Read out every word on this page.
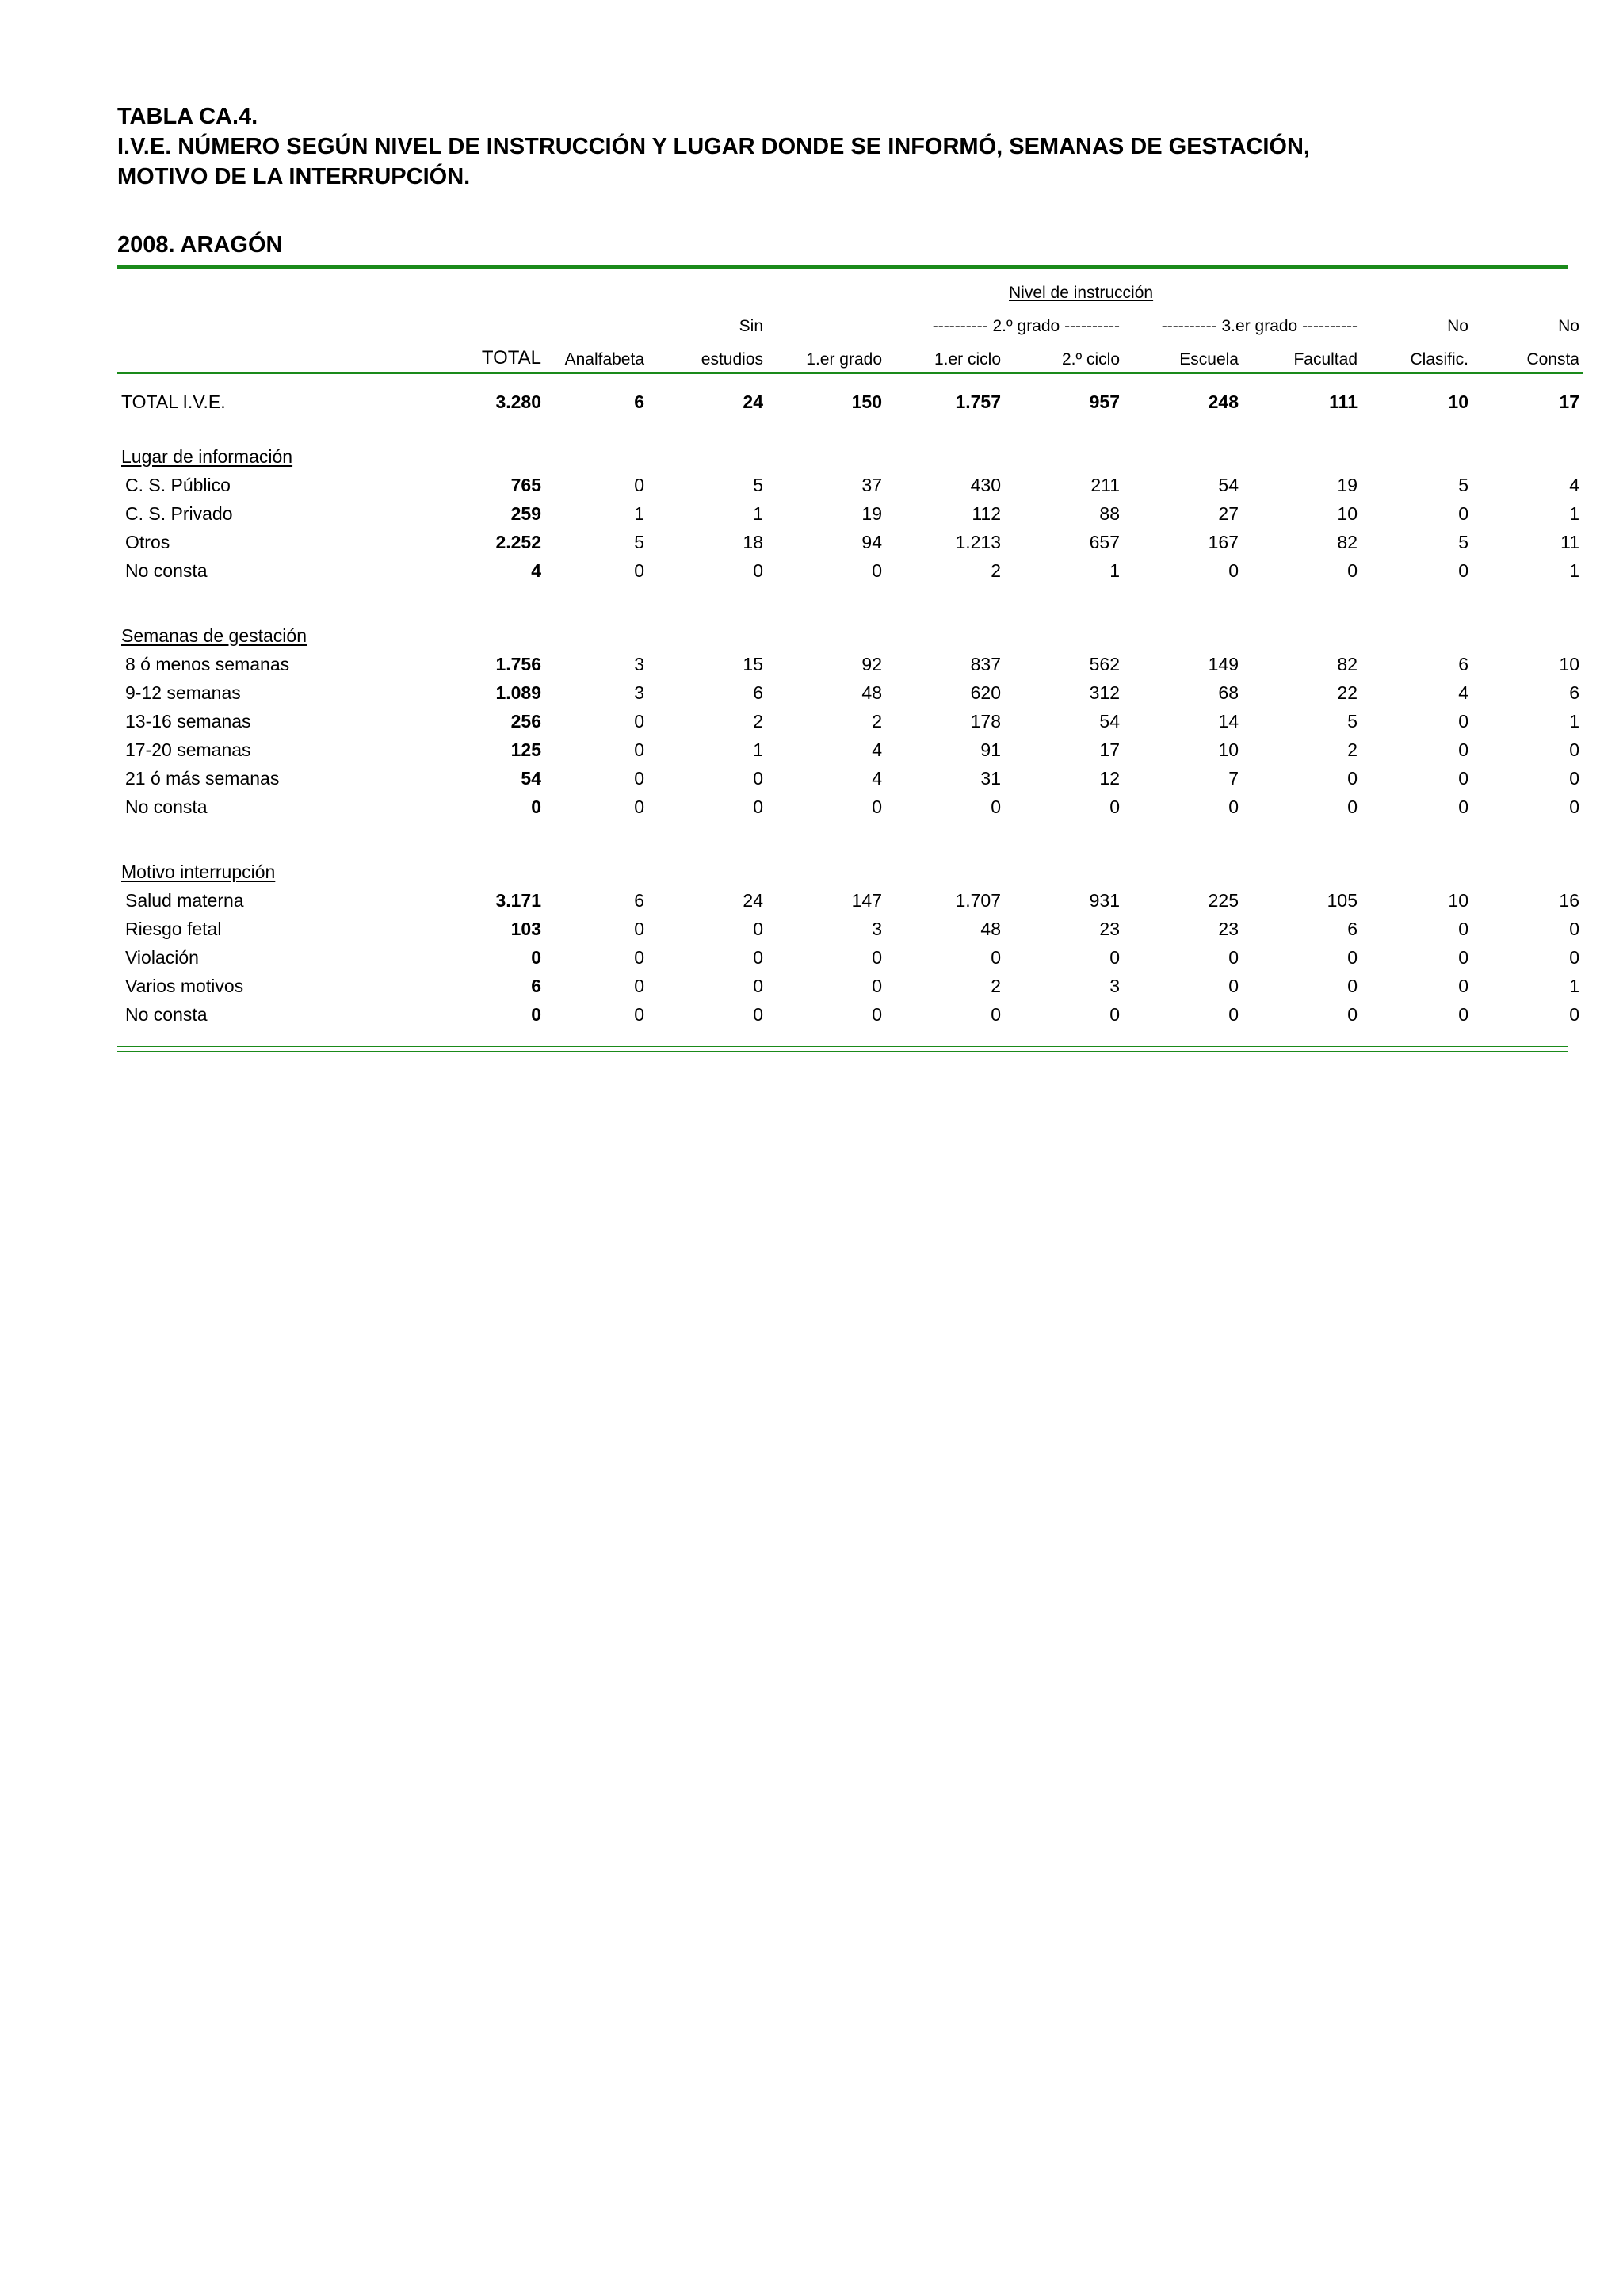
TABLA CA.4.
I.V.E. NÚMERO SEGÚN NIVEL DE INSTRUCCIÓN Y LUGAR DONDE SE INFORMÓ, SEMANAS DE GESTACIÓN,
MOTIVO DE LA INTERRUPCIÓN.
2008. ARAGÓN
						Nivel de instrucción				
			Sin		---------- 2.º grado ----------		---------- 3.er grado ----------		No	No
	TOTAL	Analfabeta	estudios	1.er grado	1.er ciclo	2.º ciclo	Escuela	Facultad	Clasific.	Consta
TOTAL I.V.E.	3.280	6	24	150	1.757	957	248	111	10	17
Lugar de información										
C. S. Público	765	0	5	37	430	211	54	19	5	4
C. S. Privado	259	1	1	19	112	88	27	10	0	1
Otros	2.252	5	18	94	1.213	657	167	82	5	11
No consta	4	0	0	0	2	1	0	0	0	1

Semanas de gestación										
8 ó menos semanas	1.756	3	15	92	837	562	149	82	6	10
9-12 semanas	1.089	3	6	48	620	312	68	22	4	6
13-16 semanas	256	0	2	2	178	54	14	5	0	1
17-20 semanas	125	0	1	4	91	17	10	2	0	0
21 ó más semanas	54	0	0	4	31	12	7	0	0	0
No consta	0	0	0	0	0	0	0	0	0	0

Motivo interrupción										
Salud materna	3.171	6	24	147	1.707	931	225	105	10	16
Riesgo fetal	103	0	0	3	48	23	23	6	0	0
Violación	0	0	0	0	0	0	0	0	0	0
Varios motivos	6	0	0	0	2	3	0	0	0	1
No consta	0	0	0	0	0	0	0	0	0	0
